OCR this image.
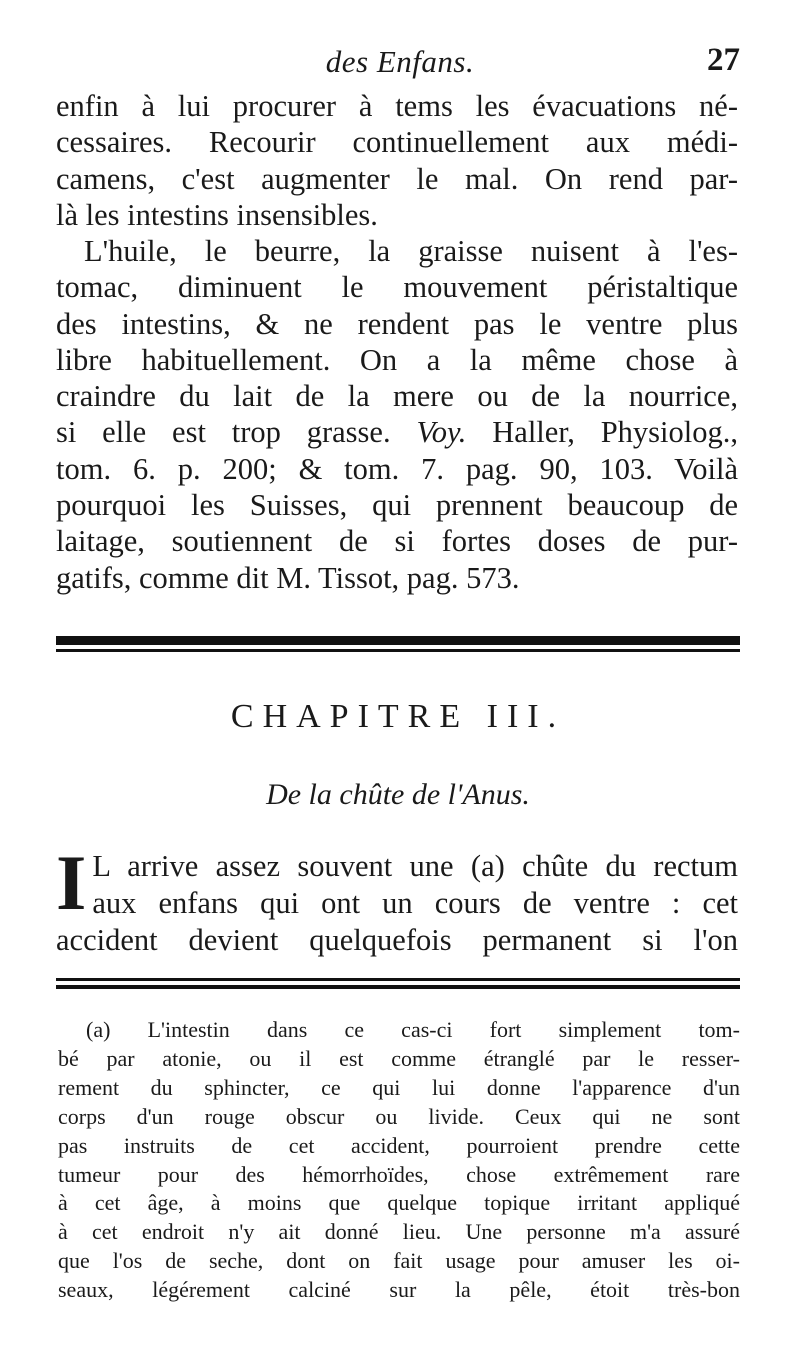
des Enfans.	27
enfin à lui procurer à tems les évacuations né-
cessaires. Recourir continuellement aux médi-
camens, c'est augmenter le mal. On rend par-
là les intestins insensibles.
L'huile, le beurre, la graisse nuisent à l'es-
tomac, diminuent le mouvement péristaltique
des intestins, & ne rendent pas le ventre plus
libre habituellement. On a la même chose à
craindre du lait de la mere ou de la nourrice,
si elle est trop grasse. Voy. Haller, Physiolog.,
tom. 6. p. 200; & tom. 7. pag. 90, 103. Voilà
pourquoi les Suisses, qui prennent beaucoup de
laitage, soutiennent de si fortes doses de pur-
gatifs, comme dit M. Tissot, pag. 573.
CHAPITRE III.
De la chûte de l'Anus.
I L arrive assez souvent une (a) chûte du rectum
aux enfans qui ont un cours de ventre : cet
accident devient quelquefois permanent si l'on
(a) L'intestin dans ce cas-ci fort simplement tom-
bé par atonie, ou il est comme étranglé par le resser-
rement du sphincter, ce qui lui donne l'apparence d'un
corps d'un rouge obscur ou livide. Ceux qui ne sont
pas instruits de cet accident, pourroient prendre cette
tumeur pour des hémorrhoïdes, chose extrêmement rare
à cet âge, à moins que quelque topique irritant appliqué
à cet endroit n'y ait donné lieu. Une personne m'a assuré
que l'os de seche, dont on fait usage pour amuser les oi-
seaux, légérement calciné sur la pêle, étoit très-bon
